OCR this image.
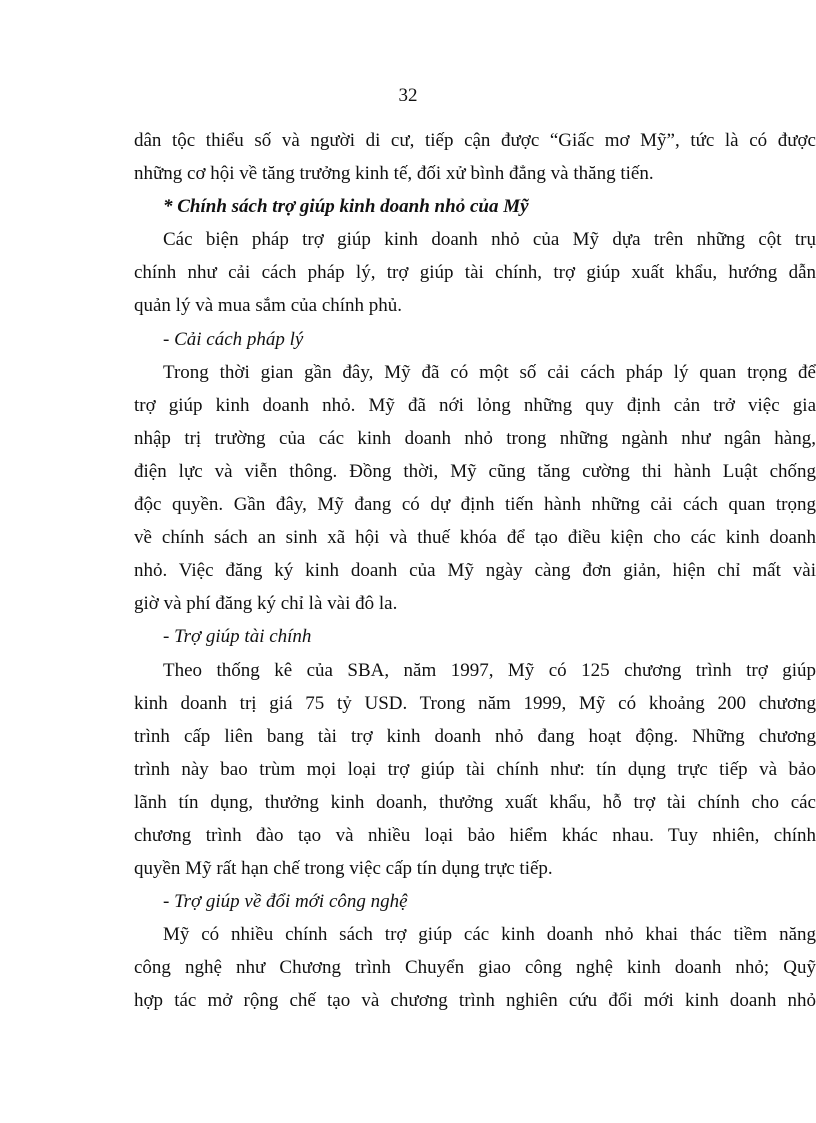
32
dân tộc thiểu số và người di cư, tiếp cận được “Giấc mơ Mỹ”, tức là có được
những cơ hội về tăng trưởng kinh tế, đối xử bình đẳng và thăng tiến.
* Chính sách trợ giúp kinh doanh nhỏ của Mỹ
Các biện pháp trợ giúp kinh doanh nhỏ của Mỹ dựa trên những cột trụ
chính như cải cách pháp lý, trợ giúp tài chính, trợ giúp xuất khẩu, hướng dẫn
quản lý và mua sắm của chính phủ.
- Cải cách pháp lý
Trong thời gian gần đây, Mỹ đã có một số cải cách pháp lý quan trọng để
trợ giúp kinh doanh nhỏ. Mỹ đã nới lỏng những quy định cản trở việc gia
nhập trị trường của các kinh doanh nhỏ trong những ngành như ngân hàng,
điện lực và viễn thông. Đồng thời, Mỹ cũng tăng cường thi hành Luật chống
độc quyền. Gần đây, Mỹ đang có dự định tiến hành những cải cách quan trọng
về chính sách an sinh xã hội và thuế khóa để tạo điều kiện cho các kinh doanh
nhỏ. Việc đăng ký kinh doanh của Mỹ ngày càng đơn giản, hiện chỉ mất vài
giờ và phí đăng ký chỉ là vài đô la.
- Trợ giúp tài chính
Theo thống kê của SBA, năm 1997, Mỹ có 125 chương trình trợ giúp
kinh doanh trị giá 75 tỷ USD. Trong năm 1999, Mỹ có khoảng 200 chương
trình cấp liên bang tài trợ kinh doanh nhỏ đang hoạt động. Những chương
trình này bao trùm mọi loại trợ giúp tài chính như: tín dụng trực tiếp và bảo
lãnh tín dụng, thưởng kinh doanh, thưởng xuất khẩu, hỗ trợ tài chính cho các
chương trình đào tạo và nhiều loại bảo hiểm khác nhau. Tuy nhiên, chính
quyền Mỹ rất hạn chế trong việc cấp tín dụng trực tiếp.
- Trợ giúp về đổi mới công nghệ
Mỹ có nhiều chính sách trợ giúp các kinh doanh nhỏ khai thác tiềm năng
công nghệ như Chương trình Chuyển giao công nghệ kinh doanh nhỏ; Quỹ
hợp tác mở rộng chế tạo và chương trình nghiên cứu đổi mới kinh doanh nhỏ
